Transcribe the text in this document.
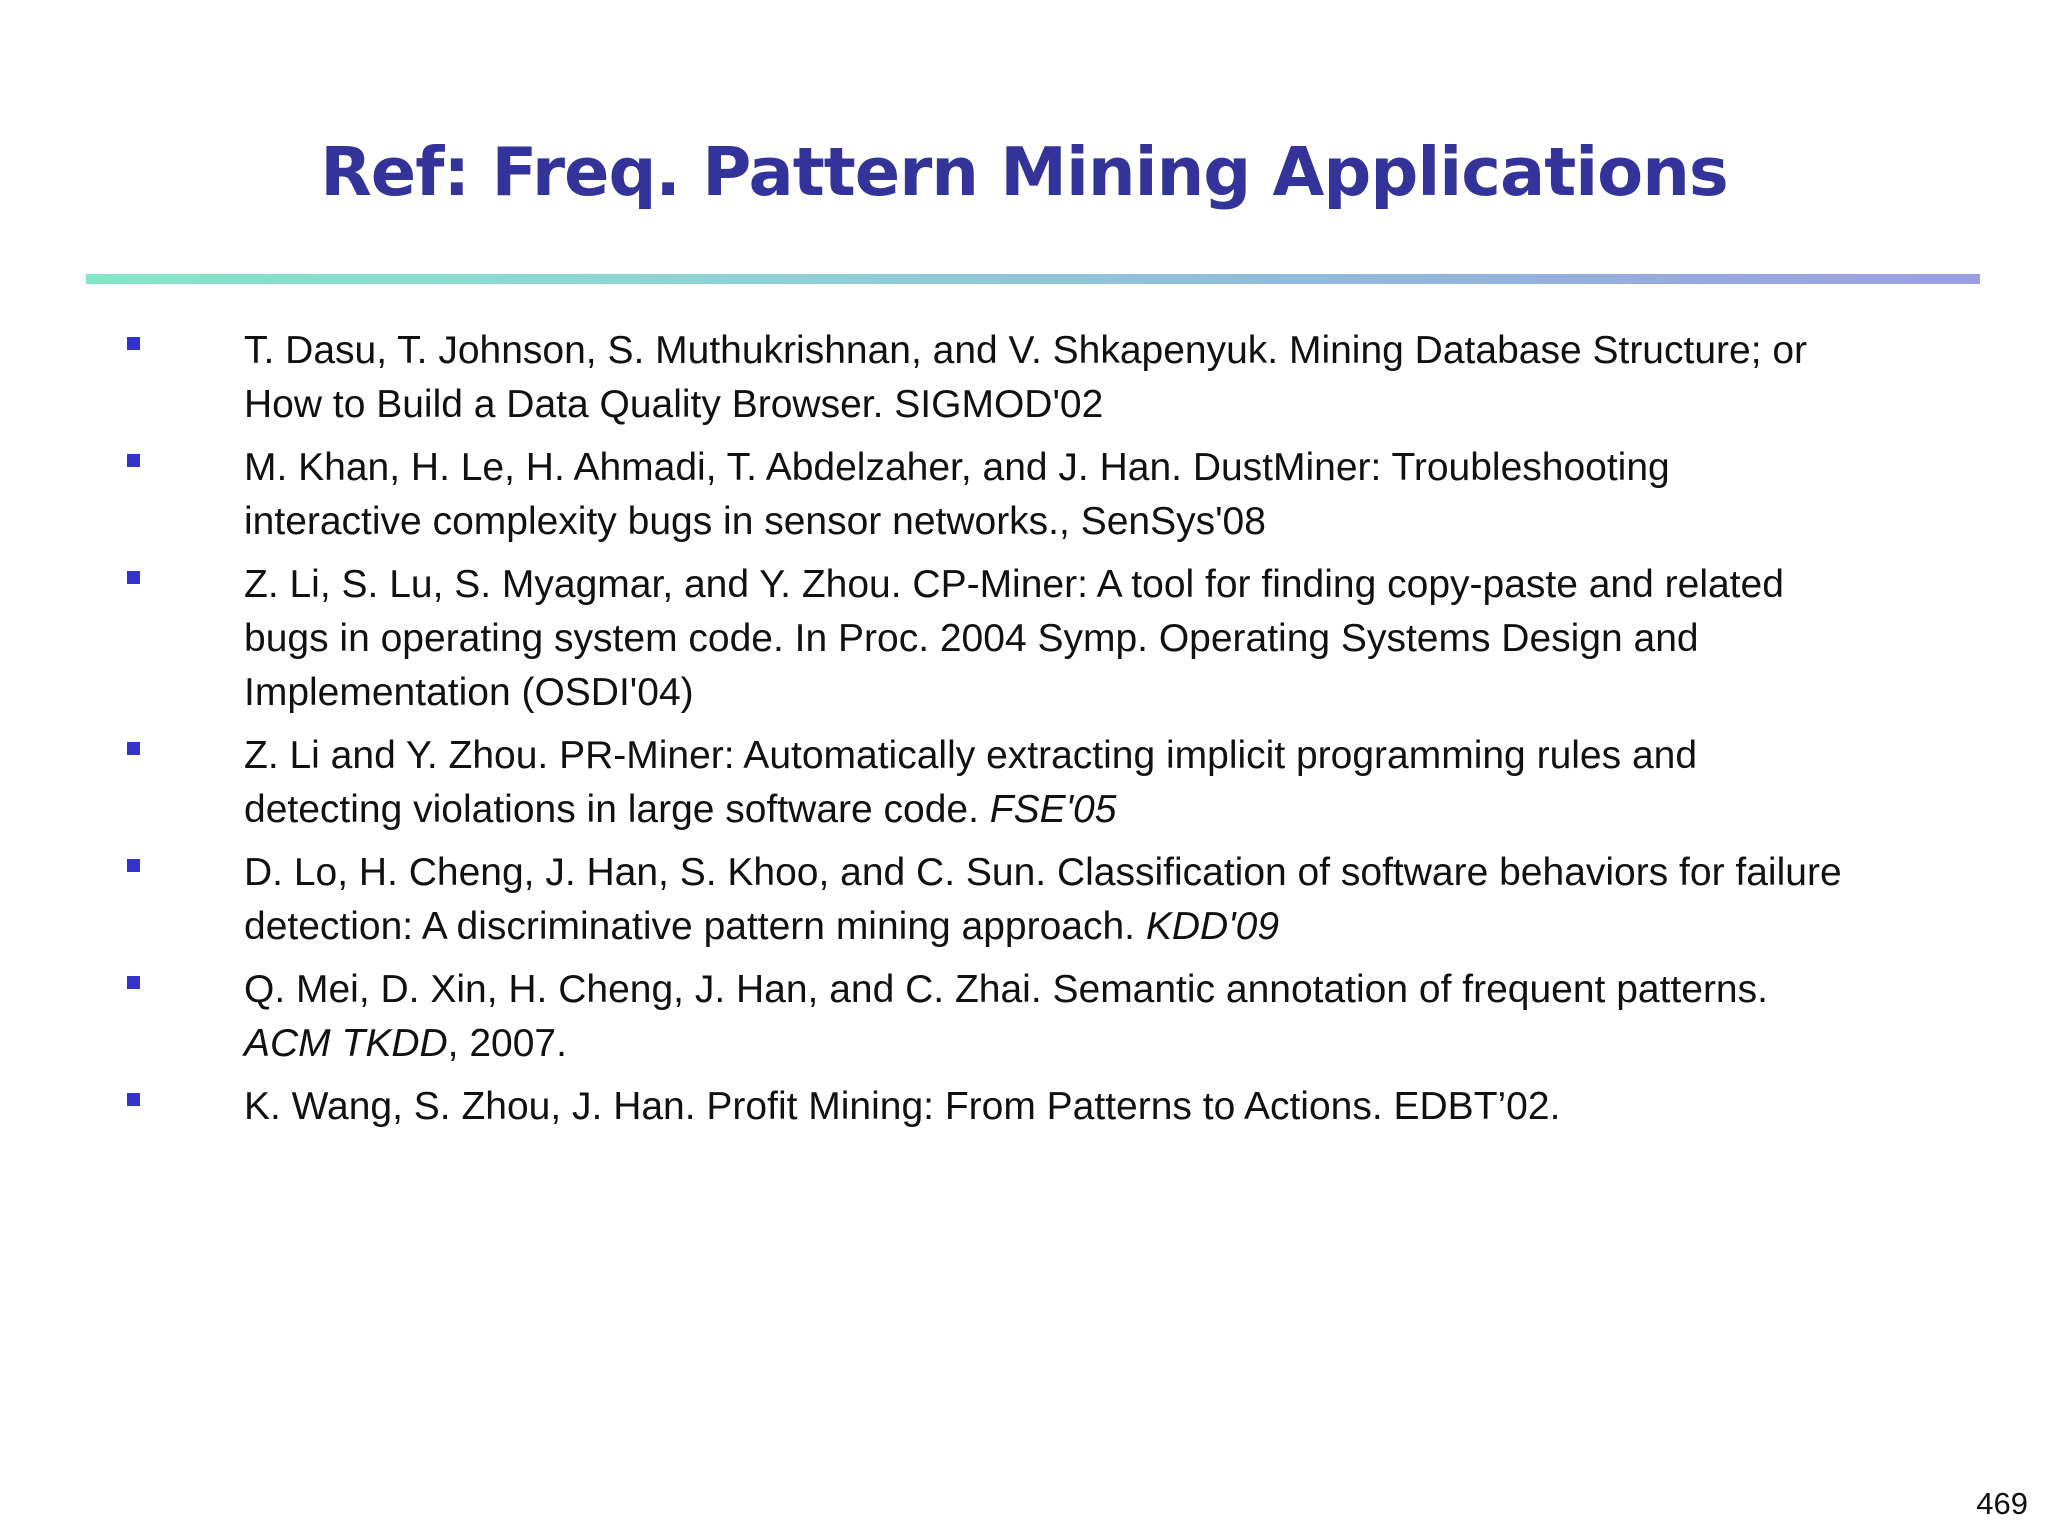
Ref: Freq. Pattern Mining Applications
T. Dasu, T. Johnson, S. Muthukrishnan, and V. Shkapenyuk. Mining Database Structure; or
How to Build a Data Quality Browser. SIGMOD'02
M. Khan, H. Le, H. Ahmadi, T. Abdelzaher, and J. Han. DustMiner: Troubleshooting
interactive complexity bugs in sensor networks., SenSys'08
Z. Li, S. Lu, S. Myagmar, and Y. Zhou. CP-Miner: A tool for finding copy-paste and related
bugs in operating system code. In Proc. 2004 Symp. Operating Systems Design and
Implementation (OSDI'04)
Z. Li and Y. Zhou. PR-Miner: Automatically extracting implicit programming rules and
detecting violations in large software code. FSE'05
D. Lo, H. Cheng, J. Han, S. Khoo, and C. Sun. Classification of software behaviors for failure
detection: A discriminative pattern mining approach. KDD'09
Q. Mei, D. Xin, H. Cheng, J. Han, and C. Zhai. Semantic annotation of frequent patterns.
ACM TKDD, 2007.
K. Wang, S. Zhou, J. Han. Profit Mining: From Patterns to Actions. EDBT’02.
469
